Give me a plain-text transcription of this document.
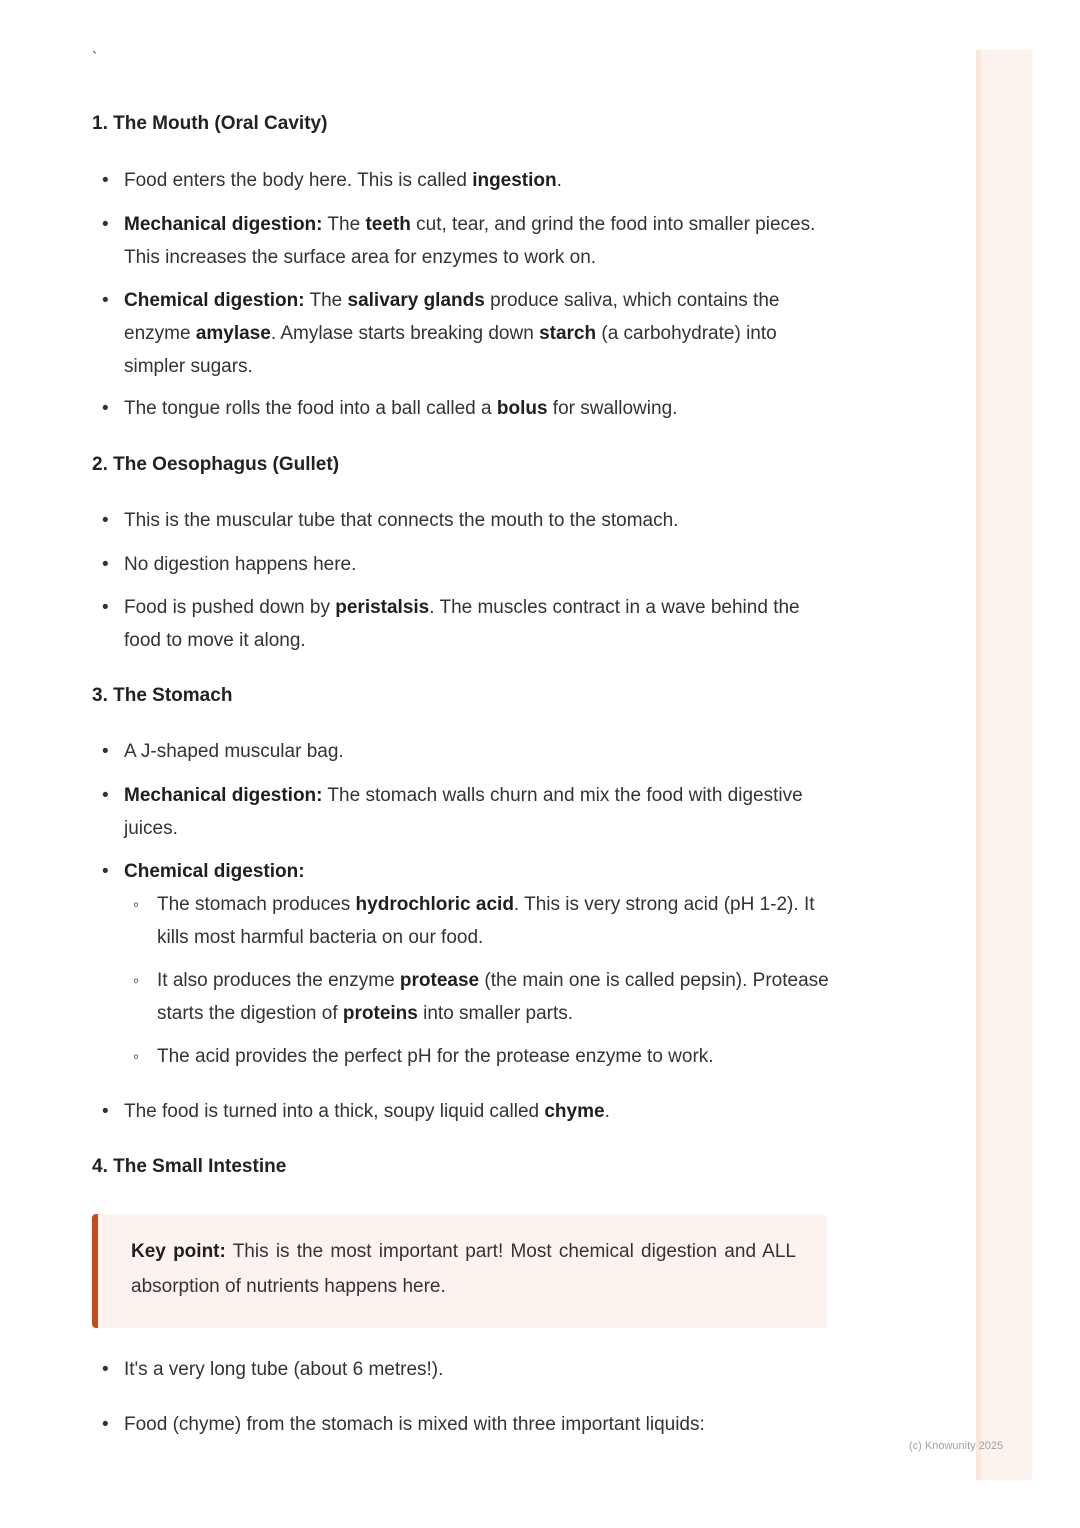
`
1. The Mouth (Oral Cavity)
• Food enters the body here. This is called ingestion.
• Mechanical digestion: The teeth cut, tear, and grind the food into smaller pieces. This increases the surface area for enzymes to work on.
• Chemical digestion: The salivary glands produce saliva, which contains the enzyme amylase. Amylase starts breaking down starch (a carbohydrate) into simpler sugars.
• The tongue rolls the food into a ball called a bolus for swallowing.
2. The Oesophagus (Gullet)
• This is the muscular tube that connects the mouth to the stomach.
• No digestion happens here.
• Food is pushed down by peristalsis. The muscles contract in a wave behind the food to move it along.
3. The Stomach
• A J-shaped muscular bag.
• Mechanical digestion: The stomach walls churn and mix the food with digestive juices.
• Chemical digestion:
◦ The stomach produces hydrochloric acid. This is very strong acid (pH 1-2). It kills most harmful bacteria on our food.
◦ It also produces the enzyme protease (the main one is called pepsin). Protease starts the digestion of proteins into smaller parts.
◦ The acid provides the perfect pH for the protease enzyme to work.
• The food is turned into a thick, soupy liquid called chyme.
4. The Small Intestine
Key point: This is the most important part! Most chemical digestion and ALL absorption of nutrients happens here.
• It's a very long tube (about 6 metres!).
• Food (chyme) from the stomach is mixed with three important liquids:
(c) Knowunity 2025
